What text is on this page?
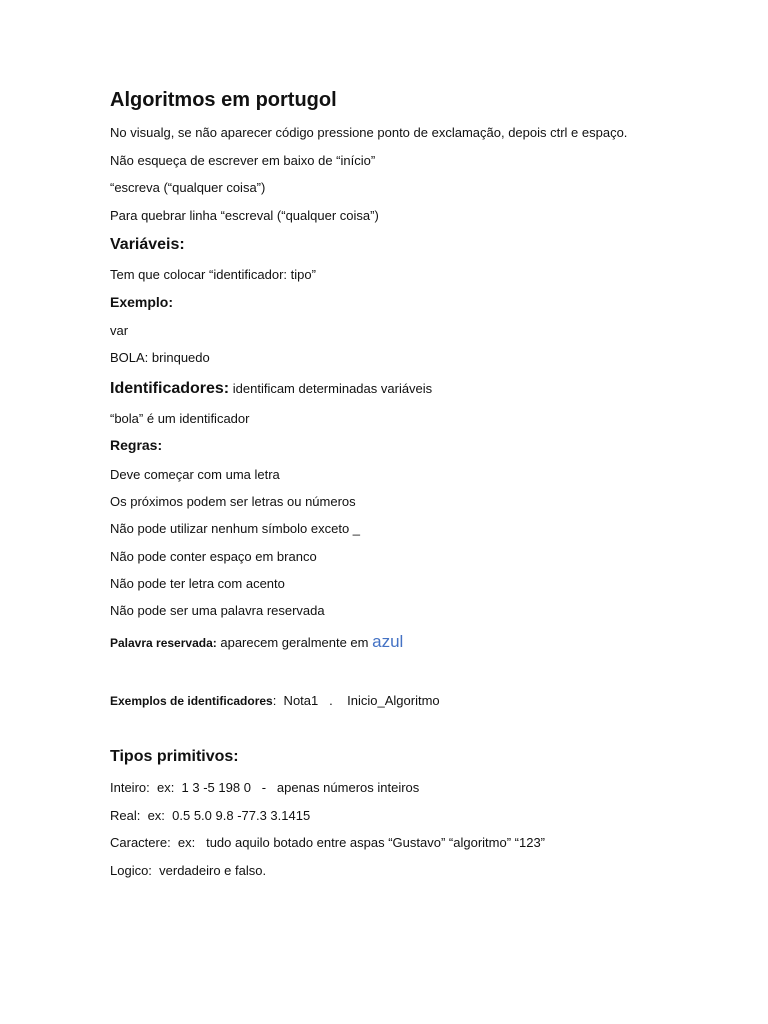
Algoritmos em portugol
No visualg, se não aparecer código pressione ponto de exclamação, depois ctrl e espaço.
Não esqueça de escrever em baixo de “início”
“escreva (“qualquer coisa”)
Para quebrar linha “escreval (“qualquer coisa”)
Variáveis:
Tem que colocar “identificador: tipo”
Exemplo:
var
BOLA: brinquedo
Identificadores: identificam determinadas variáveis
“bola” é um identificador
Regras:
Deve começar com uma letra
Os próximos podem ser letras ou números
Não pode utilizar nenhum símbolo exceto _
Não pode conter espaço em branco
Não pode ter letra com acento
Não pode ser uma palavra reservada
Palavra reservada: aparecem geralmente em azul
Exemplos de identificadores:  Nota1   .    Inicio_Algoritmo
Tipos primitivos:
Inteiro:  ex:  1 3 -5 198 0   -   apenas números inteiros
Real:  ex:  0.5 5.0 9.8 -77.3 3.1415
Caractere:  ex:   tudo aquilo botado entre aspas “Gustavo” “algoritmo” “123”
Logico:  verdadeiro e falso.
